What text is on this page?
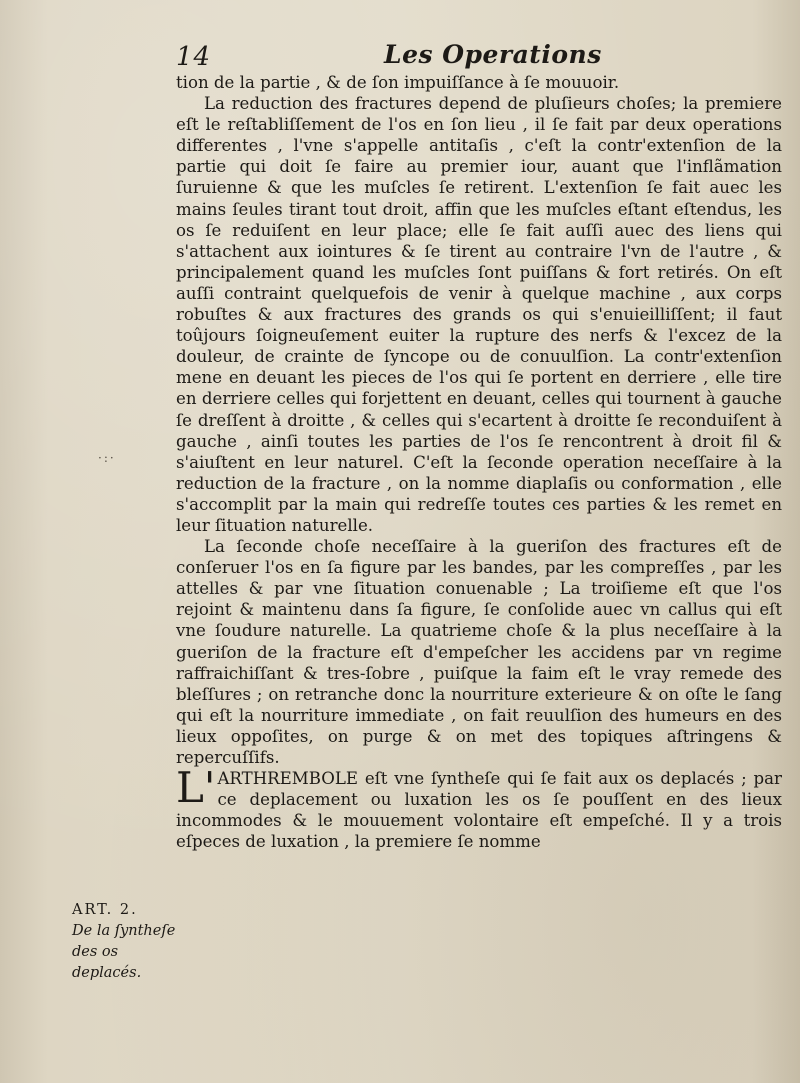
14	Les Operations

tion de la partie , & de ſon impuiſſance à ſe mouuoir.

La reduction des fractures depend de pluſieurs choſes; la premiere eſt le reſtabliſſement de l'os en ſon lieu , il ſe fait par deux operations differentes , l'vne s'appelle antitaſis , c'eſt la contr'extenſion de la partie qui doit ſe faire au premier iour, auant que l'inflãmation ſuruienne & que les muſcles ſe retirent. L'extenſion ſe fait auec les mains ſeules tirant tout droit, affin que les muſcles eſtant eſtendus, les os ſe reduiſent en leur place; elle ſe fait auſſi auec des liens qui s'attachent aux iointures & ſe tirent au contraire l'vn de l'autre , & principalement quand les muſcles ſont puiſſans & fort retirés. On eſt auſſi contraint quelquefois de venir à quelque machine , aux corps robuſtes & aux fractures des grands os qui s'enuieilliſſent; il faut toûjours ſoigneuſement euiter la rupture des nerfs & l'excez de la douleur, de crainte de ſyncope ou de conuulſion. La contr'extenſion mene en deuant les pieces de l'os qui ſe portent en derriere , elle tire en derriere celles qui forjettent en deuant, celles qui tournent à gauche ſe dreſſent à droitte , & celles qui s'ecartent à droitte ſe reconduiſent à gauche , ainſi toutes les parties de l'os ſe rencontrent à droit fil & s'aiuſtent en leur naturel. C'eſt la ſeconde operation neceſſaire à la reduction de la fracture , on la nomme diaplaſis ou conformation , elle s'accomplit par la main qui redreſſe toutes ces parties & les remet en leur ſituation naturelle.

La ſeconde choſe neceſſaire à la gueriſon des fractures eſt de conſeruer l'os en ſa figure par les bandes, par les compreſſes , par les attelles & par vne ſituation conuenable ; La troiſieme eſt que l'os rejoint & maintenu dans ſa figure, ſe conſolide auec vn callus qui eſt vne ſoudure naturelle. La quatrieme choſe & la plus neceſſaire à la gueriſon de la fracture eſt d'empeſcher les accidens par vn regime raffraichiſſant & tres-ſobre , puiſque la faim eſt le vray remede des bleſſures ; on retranche donc la nourriture exterieure & on oſte le ſang qui eſt la nourriture immediate , on fait reuulſion des humeurs en des lieux oppoſites, on purge & on met des topiques aſtringens & repercuſſifs.

L'ARTHREMBOLE eſt vne ſyntheſe qui ſe fait aux os deplacés ; par ce deplacement ou luxation les os ſe pouſſent en des lieux incommodes & le mouuement volontaire eſt empeſché. Il y a trois eſpeces de luxation , la premiere ſe nomme

·:·
ART. 2.
De la ſyntheſe des os deplacés.
